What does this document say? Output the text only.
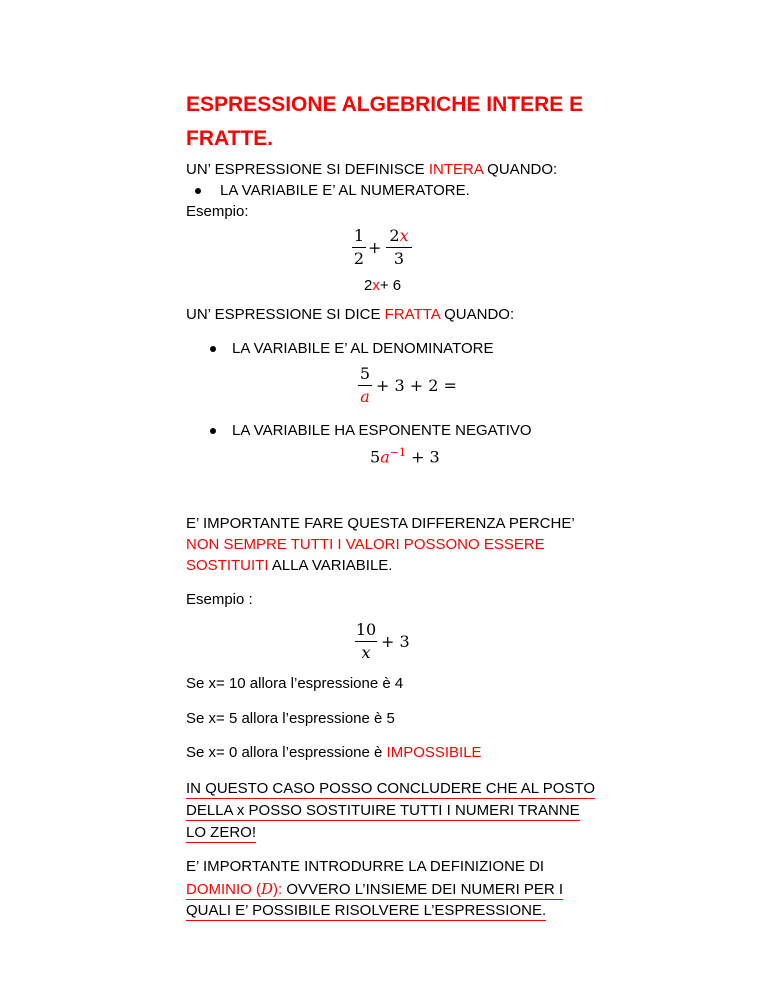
ESPRESSIONE ALGEBRICHE INTERE E
FRATTE.
UN’ ESPRESSIONE SI DEFINISCE INTERA QUANDO:
LA VARIABILE E’ AL NUMERATORE.
Esempio:
1
2
+
2x
3
2x+ 6
UN’ ESPRESSIONE SI DICE FRATTA QUANDO:
LA VARIABILE E’ AL DENOMINATORE
5
a
+ 3 + 2 =
LA VARIABILE HA ESPONENTE NEGATIVO
$5a^{-1} + 3$
E’ IMPORTANTE FARE QUESTA DIFFERENZA PERCHE’
NON SEMPRE TUTTI I VALORI POSSONO ESSERE
SOSTITUITI ALLA VARIABILE.
Esempio :
10
x
+ 3
Se x= 10 allora l’espressione è 4
Se x= 5 allora l’espressione è 5
Se x= 0 allora l’espressione è IMPOSSIBILE
IN QUESTO CASO POSSO CONCLUDERE CHE AL POSTO
DELLA x POSSO SOSTITUIRE TUTTI I NUMERI TRANNE
LO ZERO!
E’ IMPORTANTE INTRODURRE LA DEFINIZIONE DI
DOMINIO (D): OVVERO L’INSIEME DEI NUMERI PER I
QUALI E’ POSSIBILE RISOLVERE L’ESPRESSIONE.
